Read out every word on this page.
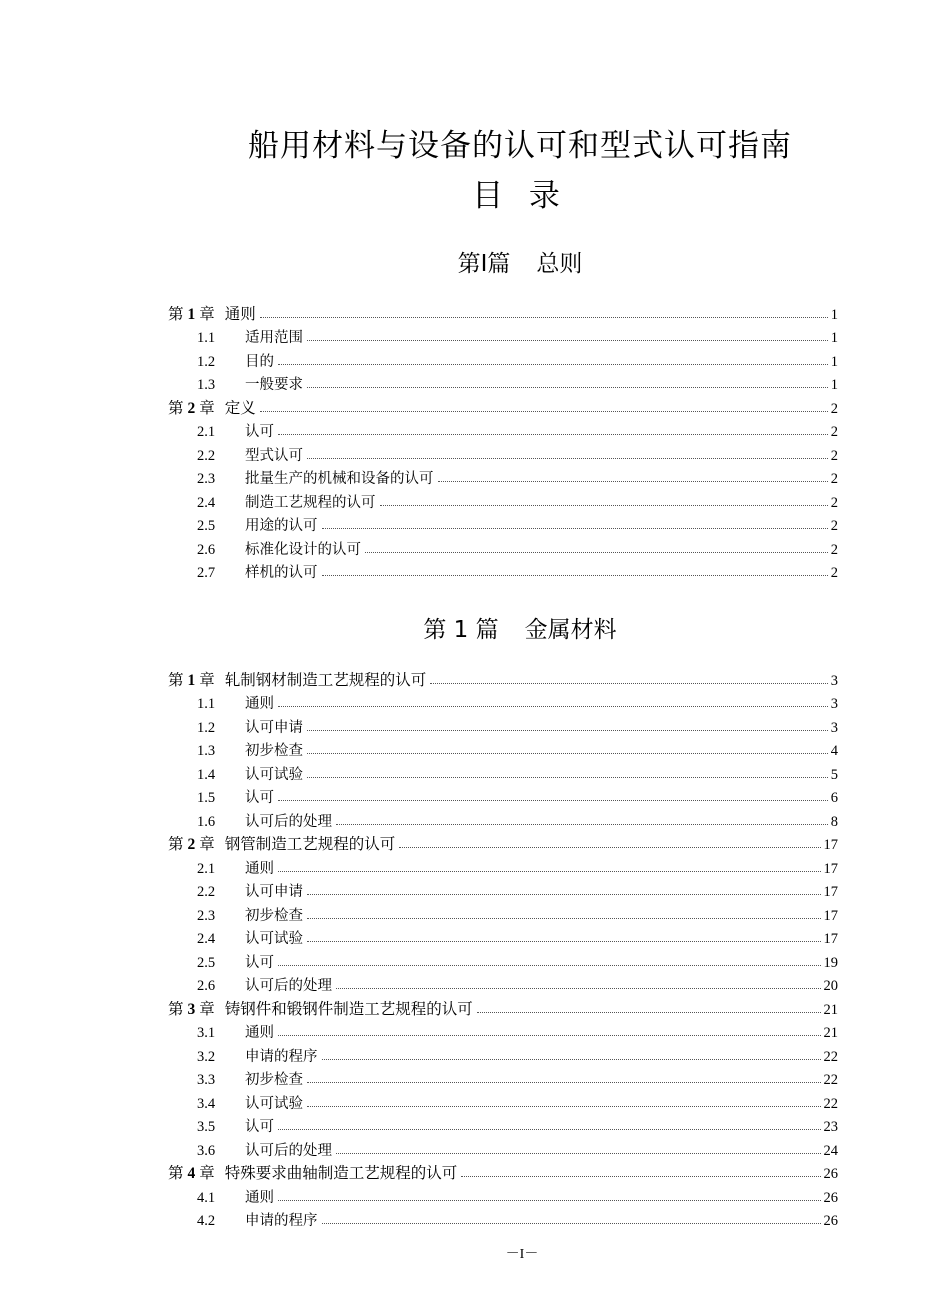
船用材料与设备的认可和型式认可指南
目 录
第Ⅰ篇 总则
第 1 章 通则	1
1.1	适用范围	1
1.2	目的	1
1.3	一般要求	1
第 2 章 定义	2
2.1	认可	2
2.2	型式认可	2
2.3	批量生产的机械和设备的认可	2
2.4	制造工艺规程的认可	2
2.5	用途的认可	2
2.6	标准化设计的认可	2
2.7	样机的认可	2
第 1 篇 金属材料
第 1 章 轧制钢材制造工艺规程的认可	3
1.1	通则	3
1.2	认可申请	3
1.3	初步检查	4
1.4	认可试验	5
1.5	认可	6
1.6	认可后的处理	8
第 2 章 钢管制造工艺规程的认可	17
2.1	通则	17
2.2	认可申请	17
2.3	初步检查	17
2.4	认可试验	17
2.5	认可	19
2.6	认可后的处理	20
第 3 章 铸钢件和锻钢件制造工艺规程的认可	21
3.1	通则	21
3.2	申请的程序	22
3.3	初步检查	22
3.4	认可试验	22
3.5	认可	23
3.6	认可后的处理	24
第 4 章 特殊要求曲轴制造工艺规程的认可	26
4.1	通则	26
4.2	申请的程序	26
－I－
